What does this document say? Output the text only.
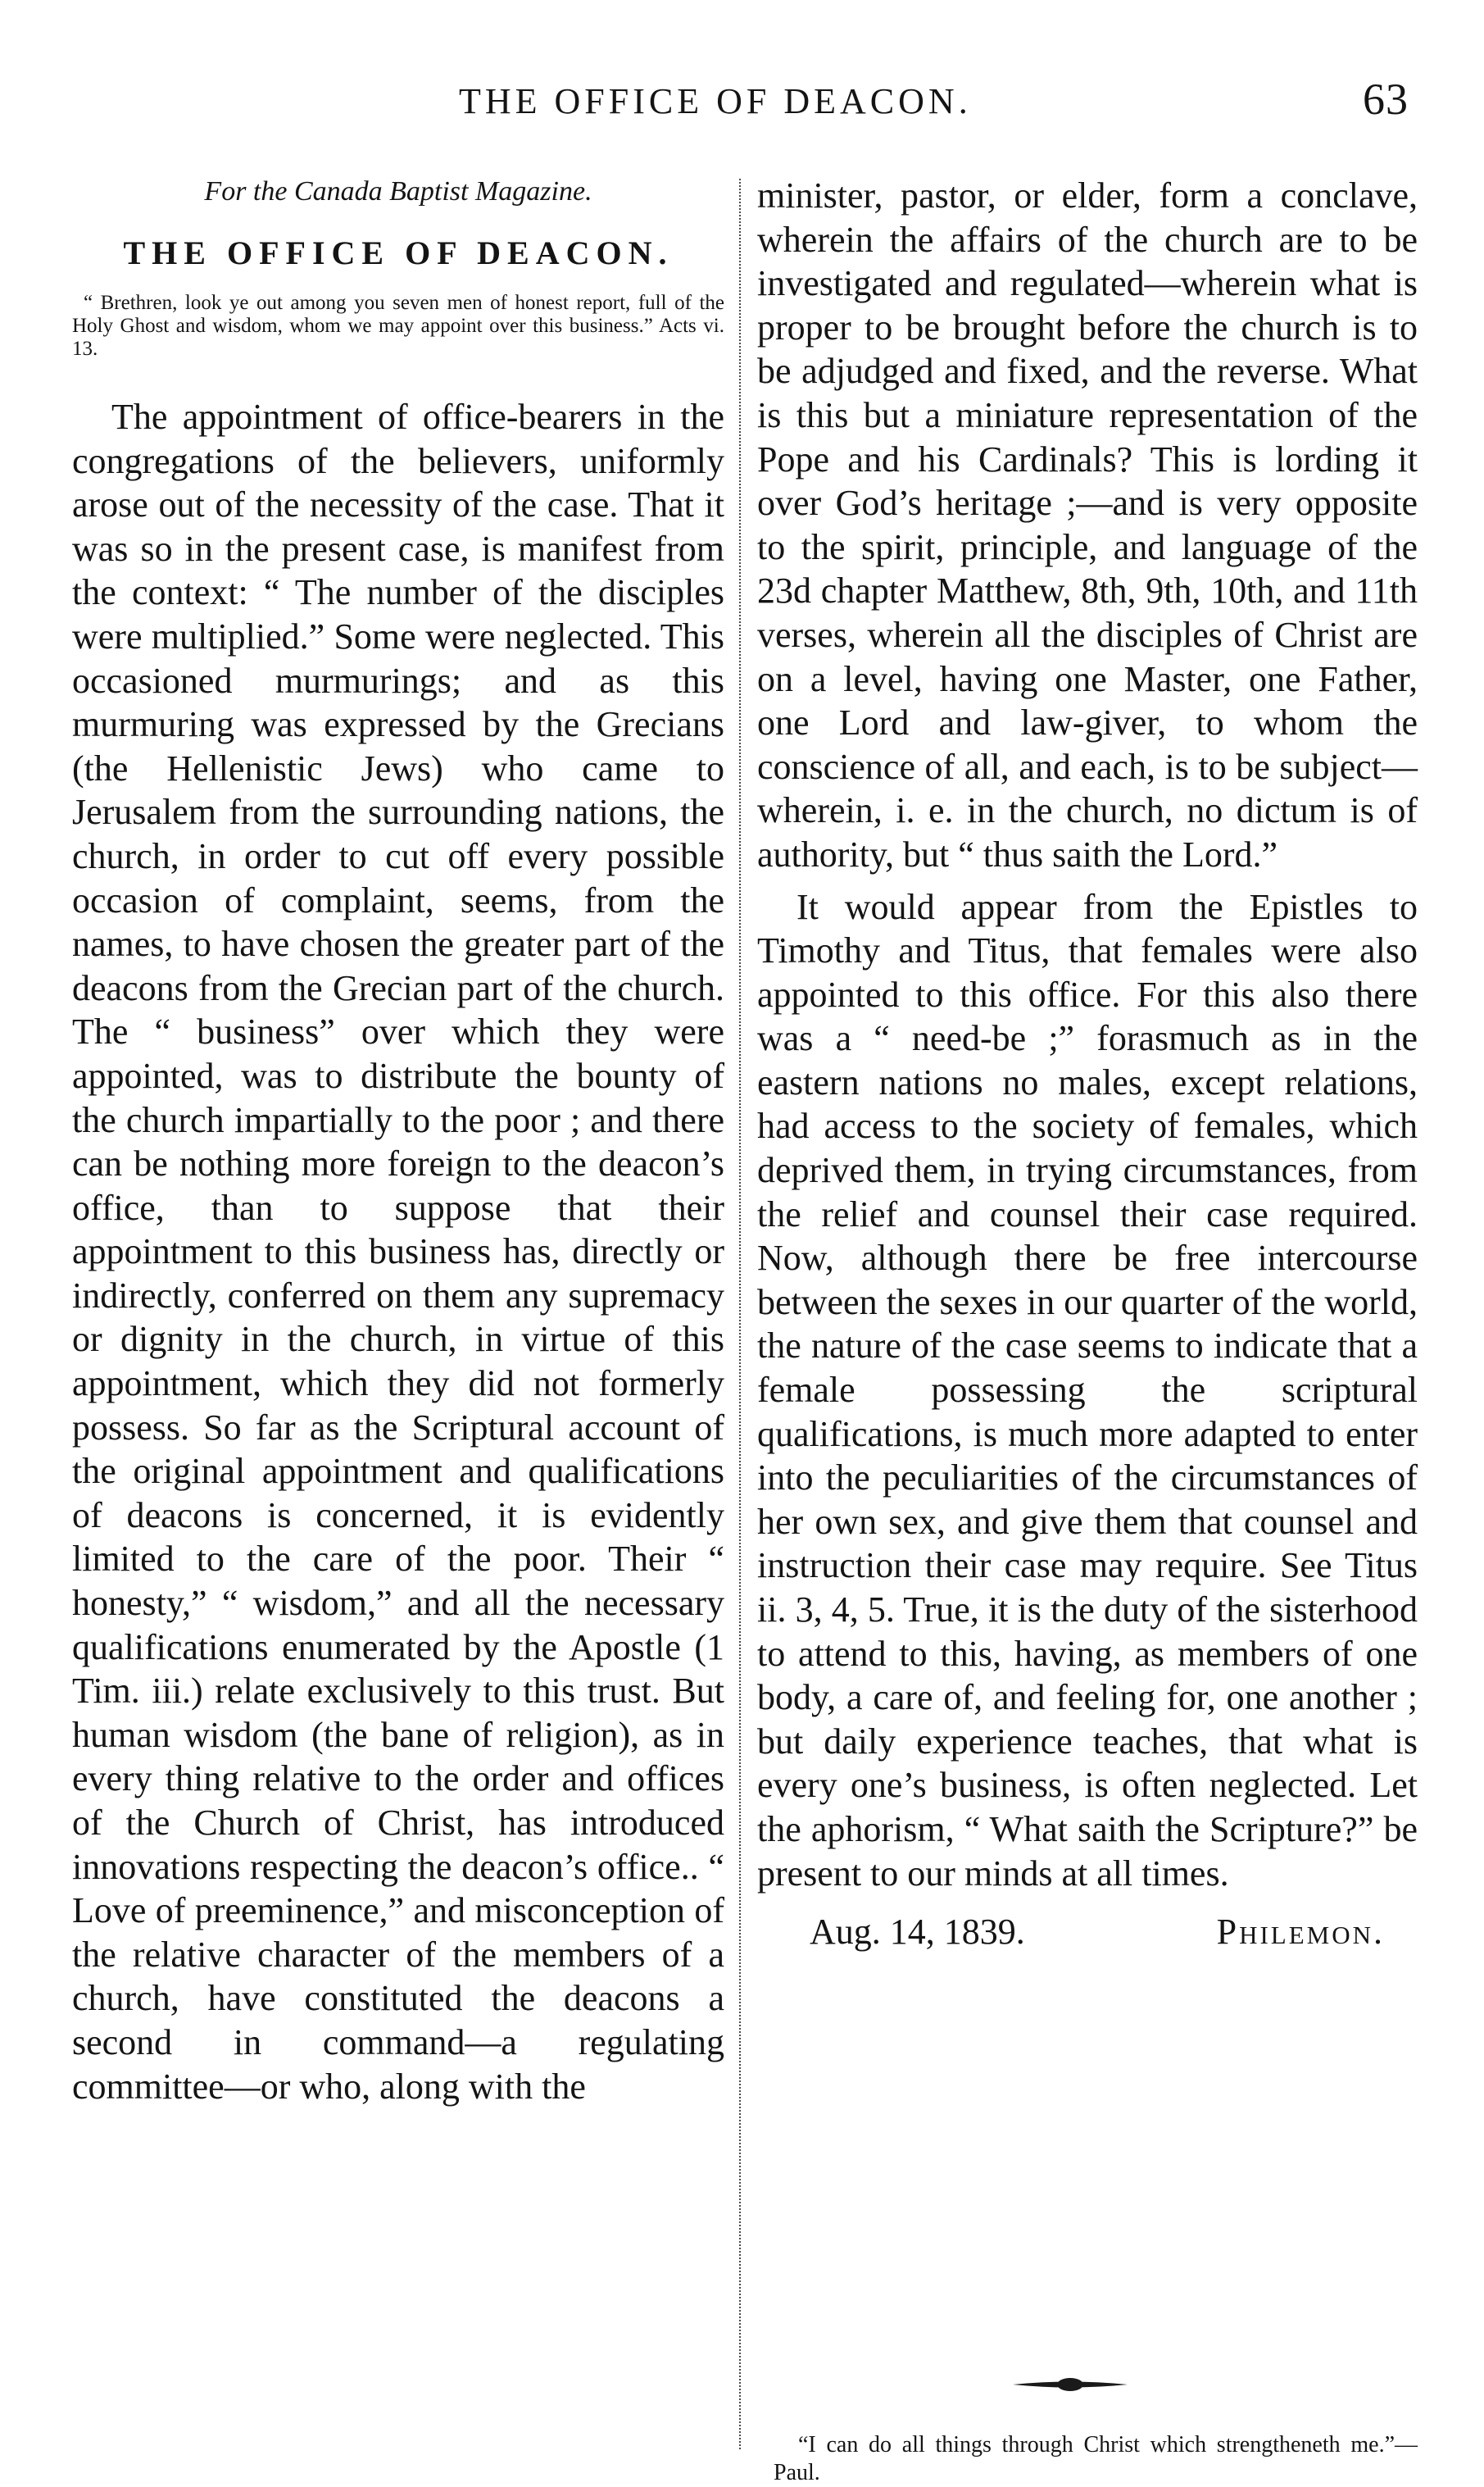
THE OFFICE OF DEACON.	63

For the Canada Baptist Magazine.

THE OFFICE OF DEACON.

“ Brethren, look ye out among you seven men of honest report, full of the Holy Ghost and wisdom, whom we may appoint over this business.” Acts vi. 13.

The appointment of office-bearers in the congregations of the believers, uniformly arose out of the necessity of the case. That it was so in the present case, is manifest from the context: “ The number of the disciples were multiplied.” Some were neglected. This occasioned murmurings; and as this murmuring was expressed by the Grecians (the Hellenistic Jews) who came to Jerusalem from the surrounding nations, the church, in order to cut off every possible occasion of complaint, seems, from the names, to have chosen the greater part of the deacons from the Grecian part of the church. The “ business” over which they were appointed, was to distribute the bounty of the church impartially to the poor ; and there can be nothing more foreign to the deacon’s office, than to suppose that their appointment to this business has, directly or indirectly, conferred on them any supremacy or dignity in the church, in virtue of this appointment, which they did not formerly possess. So far as the Scriptural account of the original appointment and qualifications of deacons is concerned, it is evidently limited to the care of the poor. Their “ honesty,” “ wisdom,” and all the necessary qualifications enumerated by the Apostle (1 Tim. iii.) relate exclusively to this trust. But human wisdom (the bane of religion), as in every thing relative to the order and offices of the Church of Christ, has introduced innovations respecting the deacon’s office.. “ Love of preeminence,” and misconception of the relative character of the members of a church, have constituted the deacons a second in command—a regulating committee—or who, along with the

minister, pastor, or elder, form a conclave, wherein the affairs of the church are to be investigated and regulated—wherein what is proper to be brought before the church is to be adjudged and fixed, and the reverse. What is this but a miniature representation of the Pope and his Cardinals? This is lording it over God’s heritage ;—and is very opposite to the spirit, principle, and language of the 23d chapter Matthew, 8th, 9th, 10th, and 11th verses, wherein all the disciples of Christ are on a level, having one Master, one Father, one Lord and law-giver, to whom the conscience of all, and each, is to be subject—wherein, i. e. in the church, no dictum is of authority, but “ thus saith the Lord.”

It would appear from the Epistles to Timothy and Titus, that females were also appointed to this office. For this also there was a “ need-be ;” forasmuch as in the eastern nations no males, except relations, had access to the society of females, which deprived them, in trying circumstances, from the relief and counsel their case required. Now, although there be free intercourse between the sexes in our quarter of the world, the nature of the case seems to indicate that a female possessing the scriptural qualifications, is much more adapted to enter into the peculiarities of the circumstances of her own sex, and give them that counsel and instruction their case may require. See Titus ii. 3, 4, 5. True, it is the duty of the sisterhood to attend to this, having, as members of one body, a care of, and feeling for, one another ; but daily experience teaches, that what is every one’s business, is often neglected. Let the aphorism, “ What saith the Scripture?” be present to our minds at all times.

Aug. 14, 1839.	Philemon.

“I can do all things through Christ which strengtheneth me.”—Paul.
